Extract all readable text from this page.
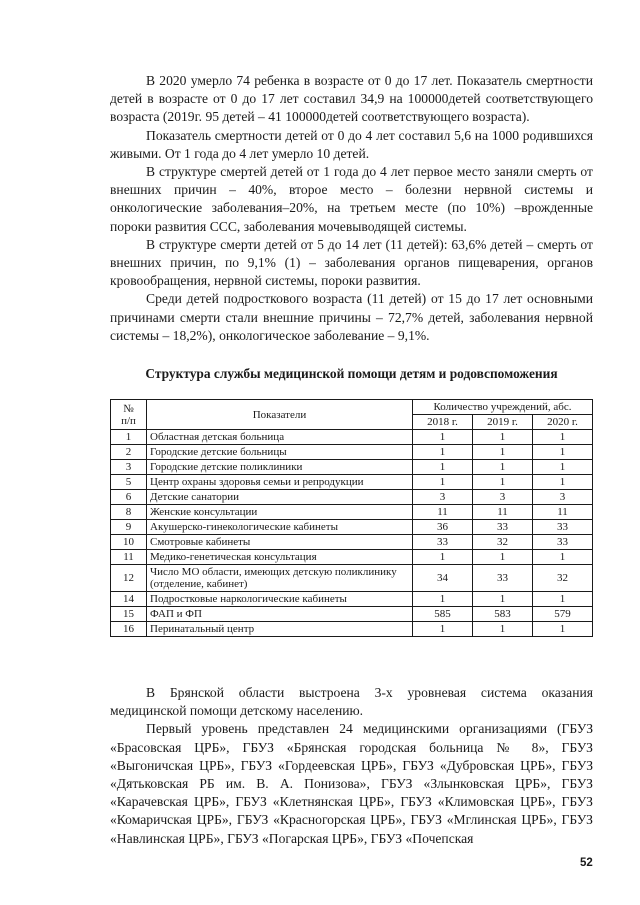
В 2020 умерло 74 ребенка в возрасте от 0 до 17 лет. Показатель смертности детей в возрасте от 0 до 17 лет составил 34,9 на 100000детей соответствующего возраста (2019г. 95 детей – 41 100000детей соответствующего возраста).

Показатель смертности детей от 0 до 4 лет составил 5,6 на 1000 родившихся живыми. От 1 года до 4 лет умерло 10 детей.

В структуре смертей детей от 1 года до 4 лет первое место заняли смерть от внешних причин – 40%, второе место – болезни нервной системы и онкологические заболевания–20%, на третьем месте (по 10%) –врожденные пороки развития ССС, заболевания мочевыводящей системы.

В структуре смерти детей от 5 до 14 лет (11 детей): 63,6% детей – смерть от внешних причин, по 9,1% (1) – заболевания органов пищеварения, органов кровообращения, нервной системы, пороки развития.

Среди детей подросткового возраста (11 детей) от 15 до 17 лет основными причинами смерти стали внешние причины – 72,7% детей, заболевания нервной системы – 18,2%), онкологическое заболевание – 9,1%.

Структура службы медицинской помощи детям и родовспоможения
№
п/п	Показатели	Количество учреждений, абс.		
		2018 г.	2019 г.	2020 г.
1	Областная детская больница	1	1	1
2	Городские детские больницы	1	1	1
3	Городские детские поликлиники	1	1	1
5	Центр охраны здоровья семьи и репродукции	1	1	1
6	Детские санатории	3	3	3
8	Женские консультации	11	11	11
9	Акушерско-гинекологические кабинеты	36	33	33
10	Смотровые кабинеты	33	32	33
11	Медико-генетическая консультация	1	1	1
12	Число МО области, имеющих детскую поликлинику (отделение, кабинет)	34	33	32
14	Подростковые наркологические кабинеты	1	1	1
15	ФАП и ФП	585	583	579
16	Перинатальный центр	1	1	1

В Брянской области выстроена 3-х уровневая система оказания медицинской помощи детскому населению.

Первый уровень представлен 24 медицинскими организациями (ГБУЗ «Брасовская ЦРБ», ГБУЗ «Брянская городская больница № 8», ГБУЗ «Выгоничская ЦРБ», ГБУЗ «Гордеевская ЦРБ», ГБУЗ «Дубровская ЦРБ», ГБУЗ «Дятьковская РБ им. В. А. Понизова», ГБУЗ «Злынковская ЦРБ», ГБУЗ «Карачевская ЦРБ», ГБУЗ «Клетнянская ЦРБ», ГБУЗ «Климовская ЦРБ», ГБУЗ «Комаричская ЦРБ», ГБУЗ «Красногорская ЦРБ», ГБУЗ «Мглинская ЦРБ», ГБУЗ «Навлинская ЦРБ», ГБУЗ «Погарская ЦРБ», ГБУЗ «Почепская

52
